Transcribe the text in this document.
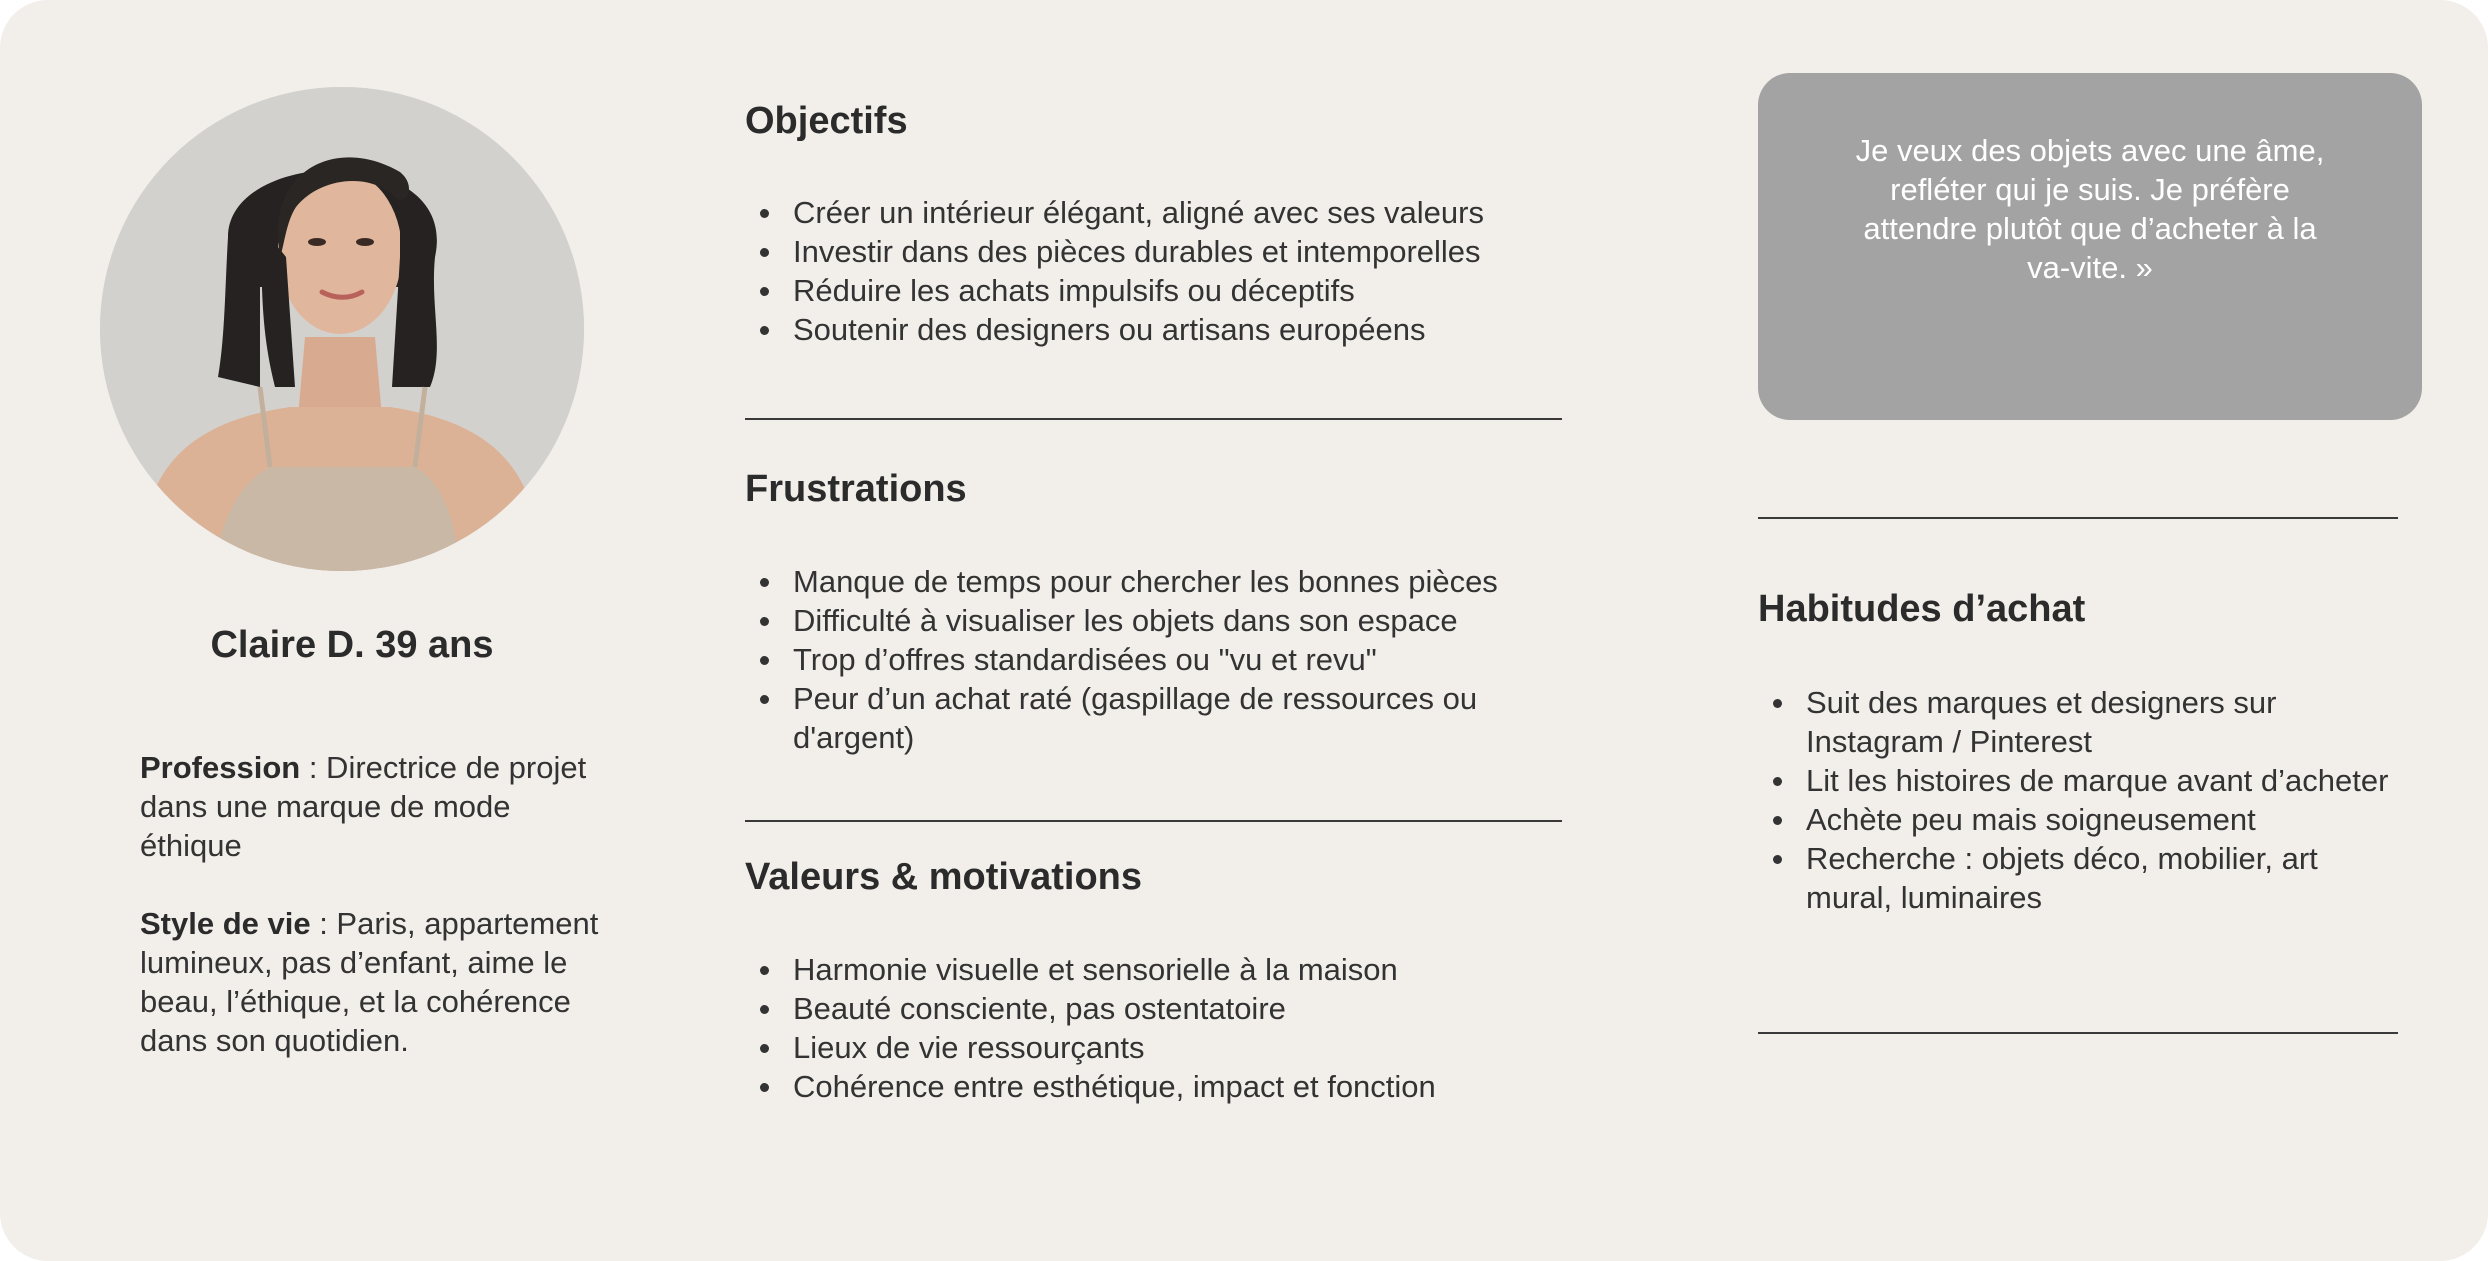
Claire D. 39 ans
Profession : Directrice de projet dans une marque de mode éthique
Style de vie : Paris, appartement lumineux, pas d’enfant, aime le beau, l’éthique, et la cohérence dans son quotidien.
Objectifs
Créer un intérieur élégant, aligné avec ses valeurs
Investir dans des pièces durables et intemporelles
Réduire les achats impulsifs ou déceptifs
Soutenir des designers ou artisans européens
Frustrations
Manque de temps pour chercher les bonnes pièces
Difficulté à visualiser les objets dans son espace
Trop d’offres standardisées ou "vu et revu"
Peur d’un achat raté (gaspillage de ressources ou d'argent)
Valeurs & motivations
Harmonie visuelle et sensorielle à la maison
Beauté consciente, pas ostentatoire
Lieux de vie ressourçants
Cohérence entre esthétique, impact et fonction
Je veux des objets avec une âme, refléter qui je suis. Je préfère attendre plutôt que d’acheter à la va-vite. »
Habitudes d’achat
Suit des marques et designers sur Instagram / Pinterest
Lit les histoires de marque avant d’acheter
Achète peu mais soigneusement
Recherche : objets déco, mobilier, art mural, luminaires
